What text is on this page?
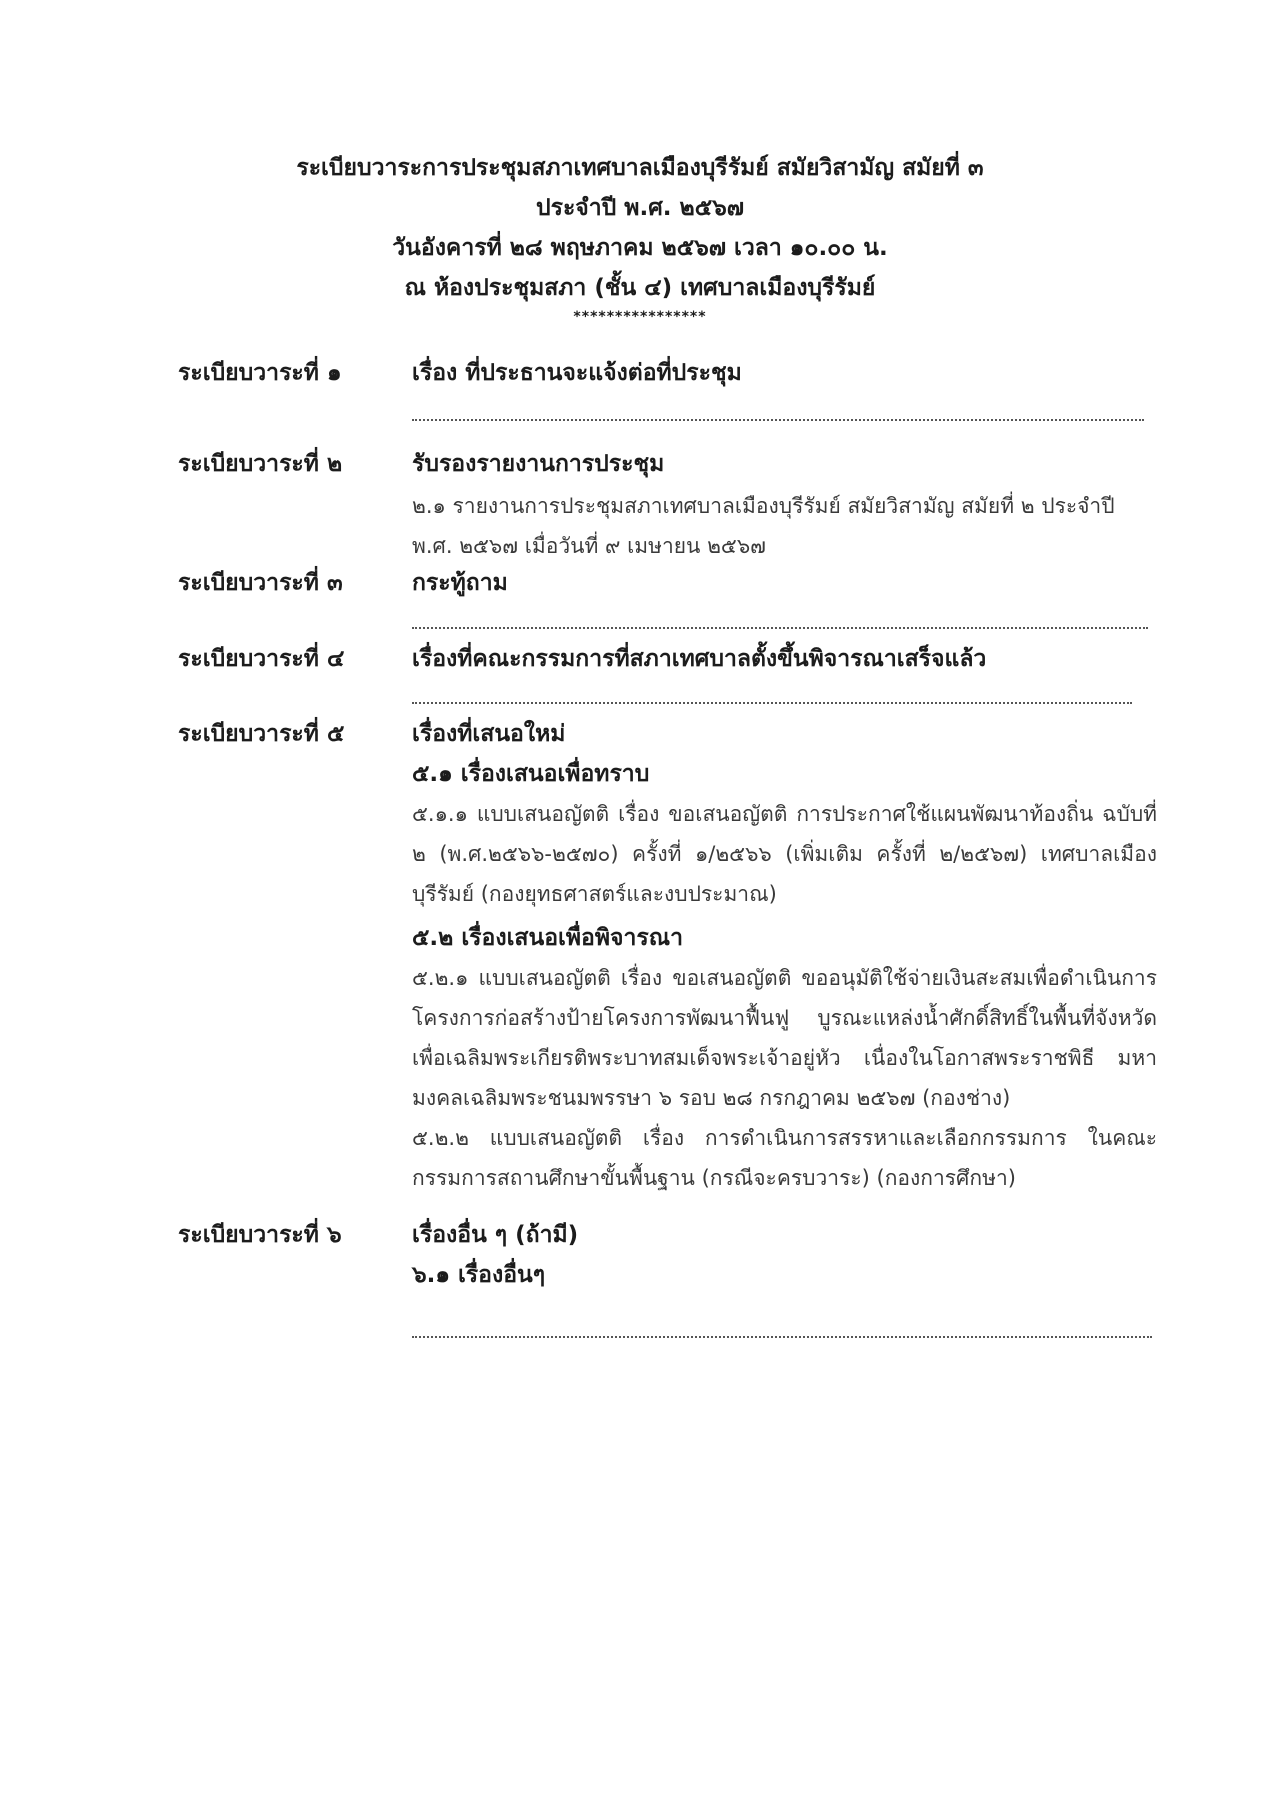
ระเบียบวาระการประชุมสภาเทศบาลเมืองบุรีรัมย์ สมัยวิสามัญ สมัยที่ ๓
ประจำปี พ.ศ. ๒๕๖๗
วันอังคารที่ ๒๘ พฤษภาคม ๒๕๖๗ เวลา ๑๐.๐๐ น.
ณ ห้องประชุมสภา (ชั้น ๔) เทศบาลเมืองบุรีรัมย์
****************
ระเบียบวาระที่ ๑	เรื่อง ที่ประธานจะแจ้งต่อที่ประชุม
ระเบียบวาระที่ ๒	รับรองรายงานการประชุม
๒.๑ รายงานการประชุมสภาเทศบาลเมืองบุรีรัมย์ สมัยวิสามัญ สมัยที่ ๒ ประจำปี
พ.ศ. ๒๕๖๗ เมื่อวันที่ ๙ เมษายน ๒๕๖๗
ระเบียบวาระที่ ๓	กระทู้ถาม
ระเบียบวาระที่ ๔	เรื่องที่คณะกรรมการที่สภาเทศบาลตั้งขึ้นพิจารณาเสร็จแล้ว
ระเบียบวาระที่ ๕	เรื่องที่เสนอใหม่
๕.๑ เรื่องเสนอเพื่อทราบ
๕.๑.๑ แบบเสนอญัตติ เรื่อง ขอเสนอญัตติ การประกาศใช้แผนพัฒนาท้องถิ่น ฉบับที่ ๒ (พ.ศ.๒๕๖๖-๒๕๗๐) ครั้งที่ ๑/๒๕๖๖ (เพิ่มเติม ครั้งที่ ๒/๒๕๖๗) เทศบาลเมืองบุรีรัมย์ (กองยุทธศาสตร์และงบประมาณ)
๕.๒ เรื่องเสนอเพื่อพิจารณา
๕.๒.๑ แบบเสนอญัตติ เรื่อง ขอเสนอญัตติ ขออนุมัติใช้จ่ายเงินสะสมเพื่อดำเนินการ โครงการก่อสร้างป้ายโครงการพัฒนาฟื้นฟู บูรณะแหล่งน้ำศักดิ์สิทธิ์ในพื้นที่จังหวัด เพื่อเฉลิมพระเกียรติพระบาทสมเด็จพระเจ้าอยู่หัว เนื่องในโอกาสพระราชพิธี มหามงคลเฉลิมพระชนมพรรษา ๖ รอบ ๒๘ กรกฎาคม ๒๕๖๗ (กองช่าง)
๕.๒.๒ แบบเสนอญัตติ เรื่อง การดำเนินการสรรหาและเลือกกรรมการ ในคณะกรรมการสถานศึกษาขั้นพื้นฐาน (กรณีจะครบวาระ) (กองการศึกษา)
ระเบียบวาระที่ ๖	เรื่องอื่น ๆ (ถ้ามี)
๖.๑ เรื่องอื่นๆ
